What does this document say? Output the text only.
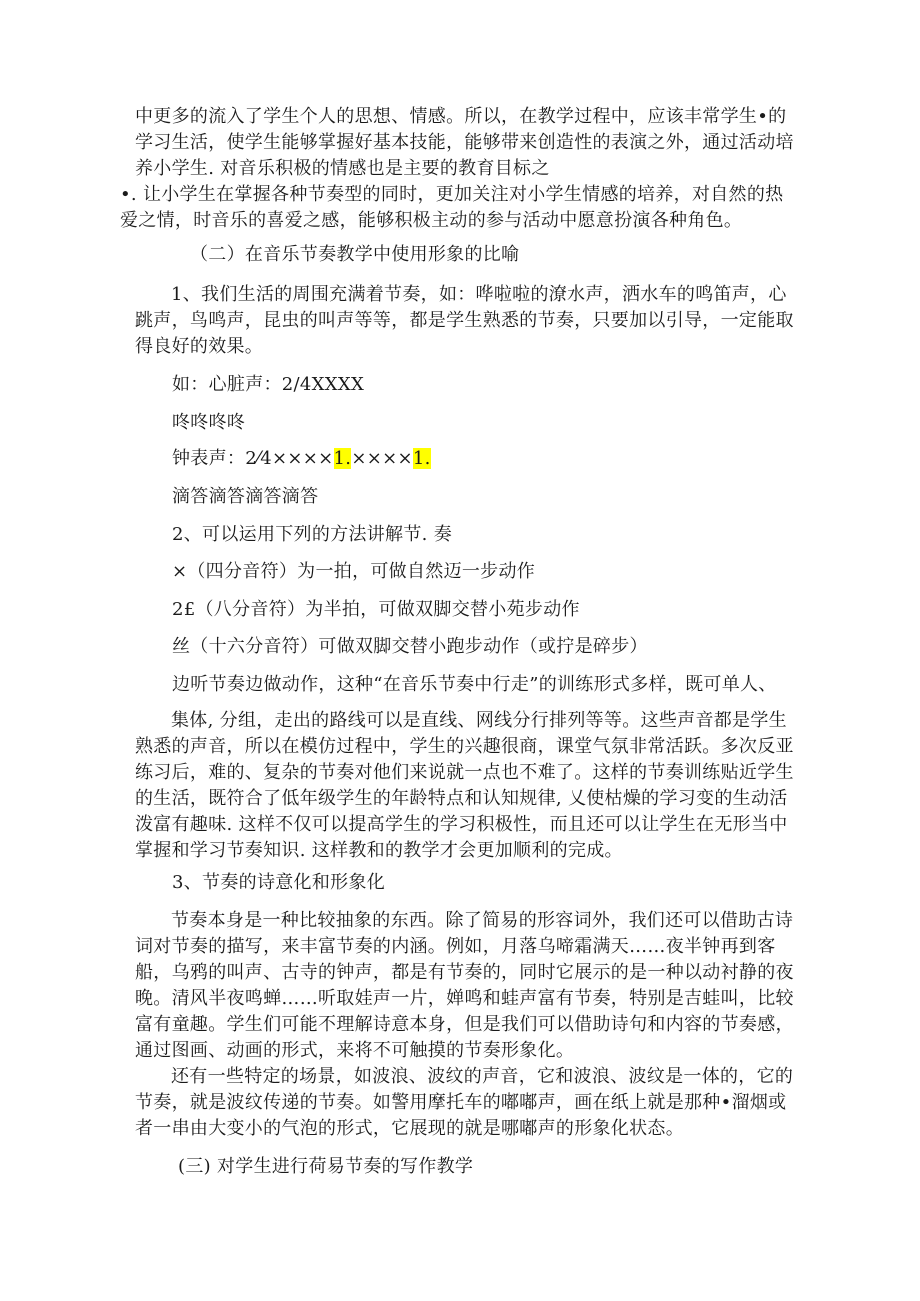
中更多的流入了学生个人的思想、情感。所以，在教学过程中，应该丰常学生•的学习生活，使学生能够掌握好基本技能，能够带来创造性的表演之外，通过活动培养小学生. 对音乐积极的情感也是主要的教育目标之

•. 让小学生在掌握各种节奏型的同时，更加关注对小学生情感的培养，对自然的热爱之情，时音乐的喜爱之感，能够积极主动的参与活动中愿意扮演各种角色。

（二）在音乐节奏教学中使用形象的比喻

1、我们生活的周围充满着节奏，如：哗啦啦的潦水声，洒水车的鸣笛声，心跳声，鸟鸣声，昆虫的叫声等等，都是学生熟悉的节奏，只要加以引导，一定能取得良好的效果。

如：心脏声：2/4XXXX
咚咚咚咚
钟表声：2⁄4××××1.××××1.
滴答滴答滴答滴答
2、可以运用下列的方法讲解节. 奏
×（四分音符）为一拍，可做自然迈一步动作
2£（八分音符）为半拍，可做双脚交替小苑步动作
丝（十六分音符）可做双脚交替小跑步动作（或拧是碎步）
边听节奏边做动作，这种“在音乐节奏中行走”的训练形式多样，既可单人、

集体, 分组，走出的路线可以是直线、网线分行排列等等。这些声音都是学生熟悉的声音，所以在模仿过程中，学生的兴趣很商，课堂气氛非常活跃。多次反亚练习后，难的、复杂的节奏对他们来说就一点也不难了。这样的节奏训练贴近学生的生活，既符合了低年级学生的年龄特点和认知规律, 乂使枯燥的学习变的生动活泼富有趣味. 这样不仅可以提高学生的学习积极性，而且还可以让学生在无形当中掌握和学习节奏知识. 这样教和的教学才会更加顺利的完成。

3、节奏的诗意化和形象化

节奏本身是一种比较抽象的东西。除了简易的形容词外，我们还可以借助古诗词对节奏的描写，来丰富节奏的内涵。例如，月落乌啼霜满天……夜半钟再到客船，乌鸦的叫声、古寺的钟声，都是有节奏的，同时它展示的是一种以动衬静的夜晚。清风半夜鸣蝉……听取娃声一片，婵鸣和蛙声富有节奏，特别是吉蛙叫，比较富有童趣。学生们可能不理解诗意本身，但是我们可以借助诗句和内容的节奏感，通过图画、动画的形式，来将不可触摸的节奏形象化。

还有一些特定的场景，如波浪、波纹的声音，它和波浪、波纹是一体的，它的节奏，就是波纹传递的节奏。如警用摩托车的嘟嘟声，画在纸上就是那种•溜烟或者一串由大变小的气泡的形式，它展现的就是哪嘟声的形象化状态。

(三) 对学生进行荷易节奏的写作教学
